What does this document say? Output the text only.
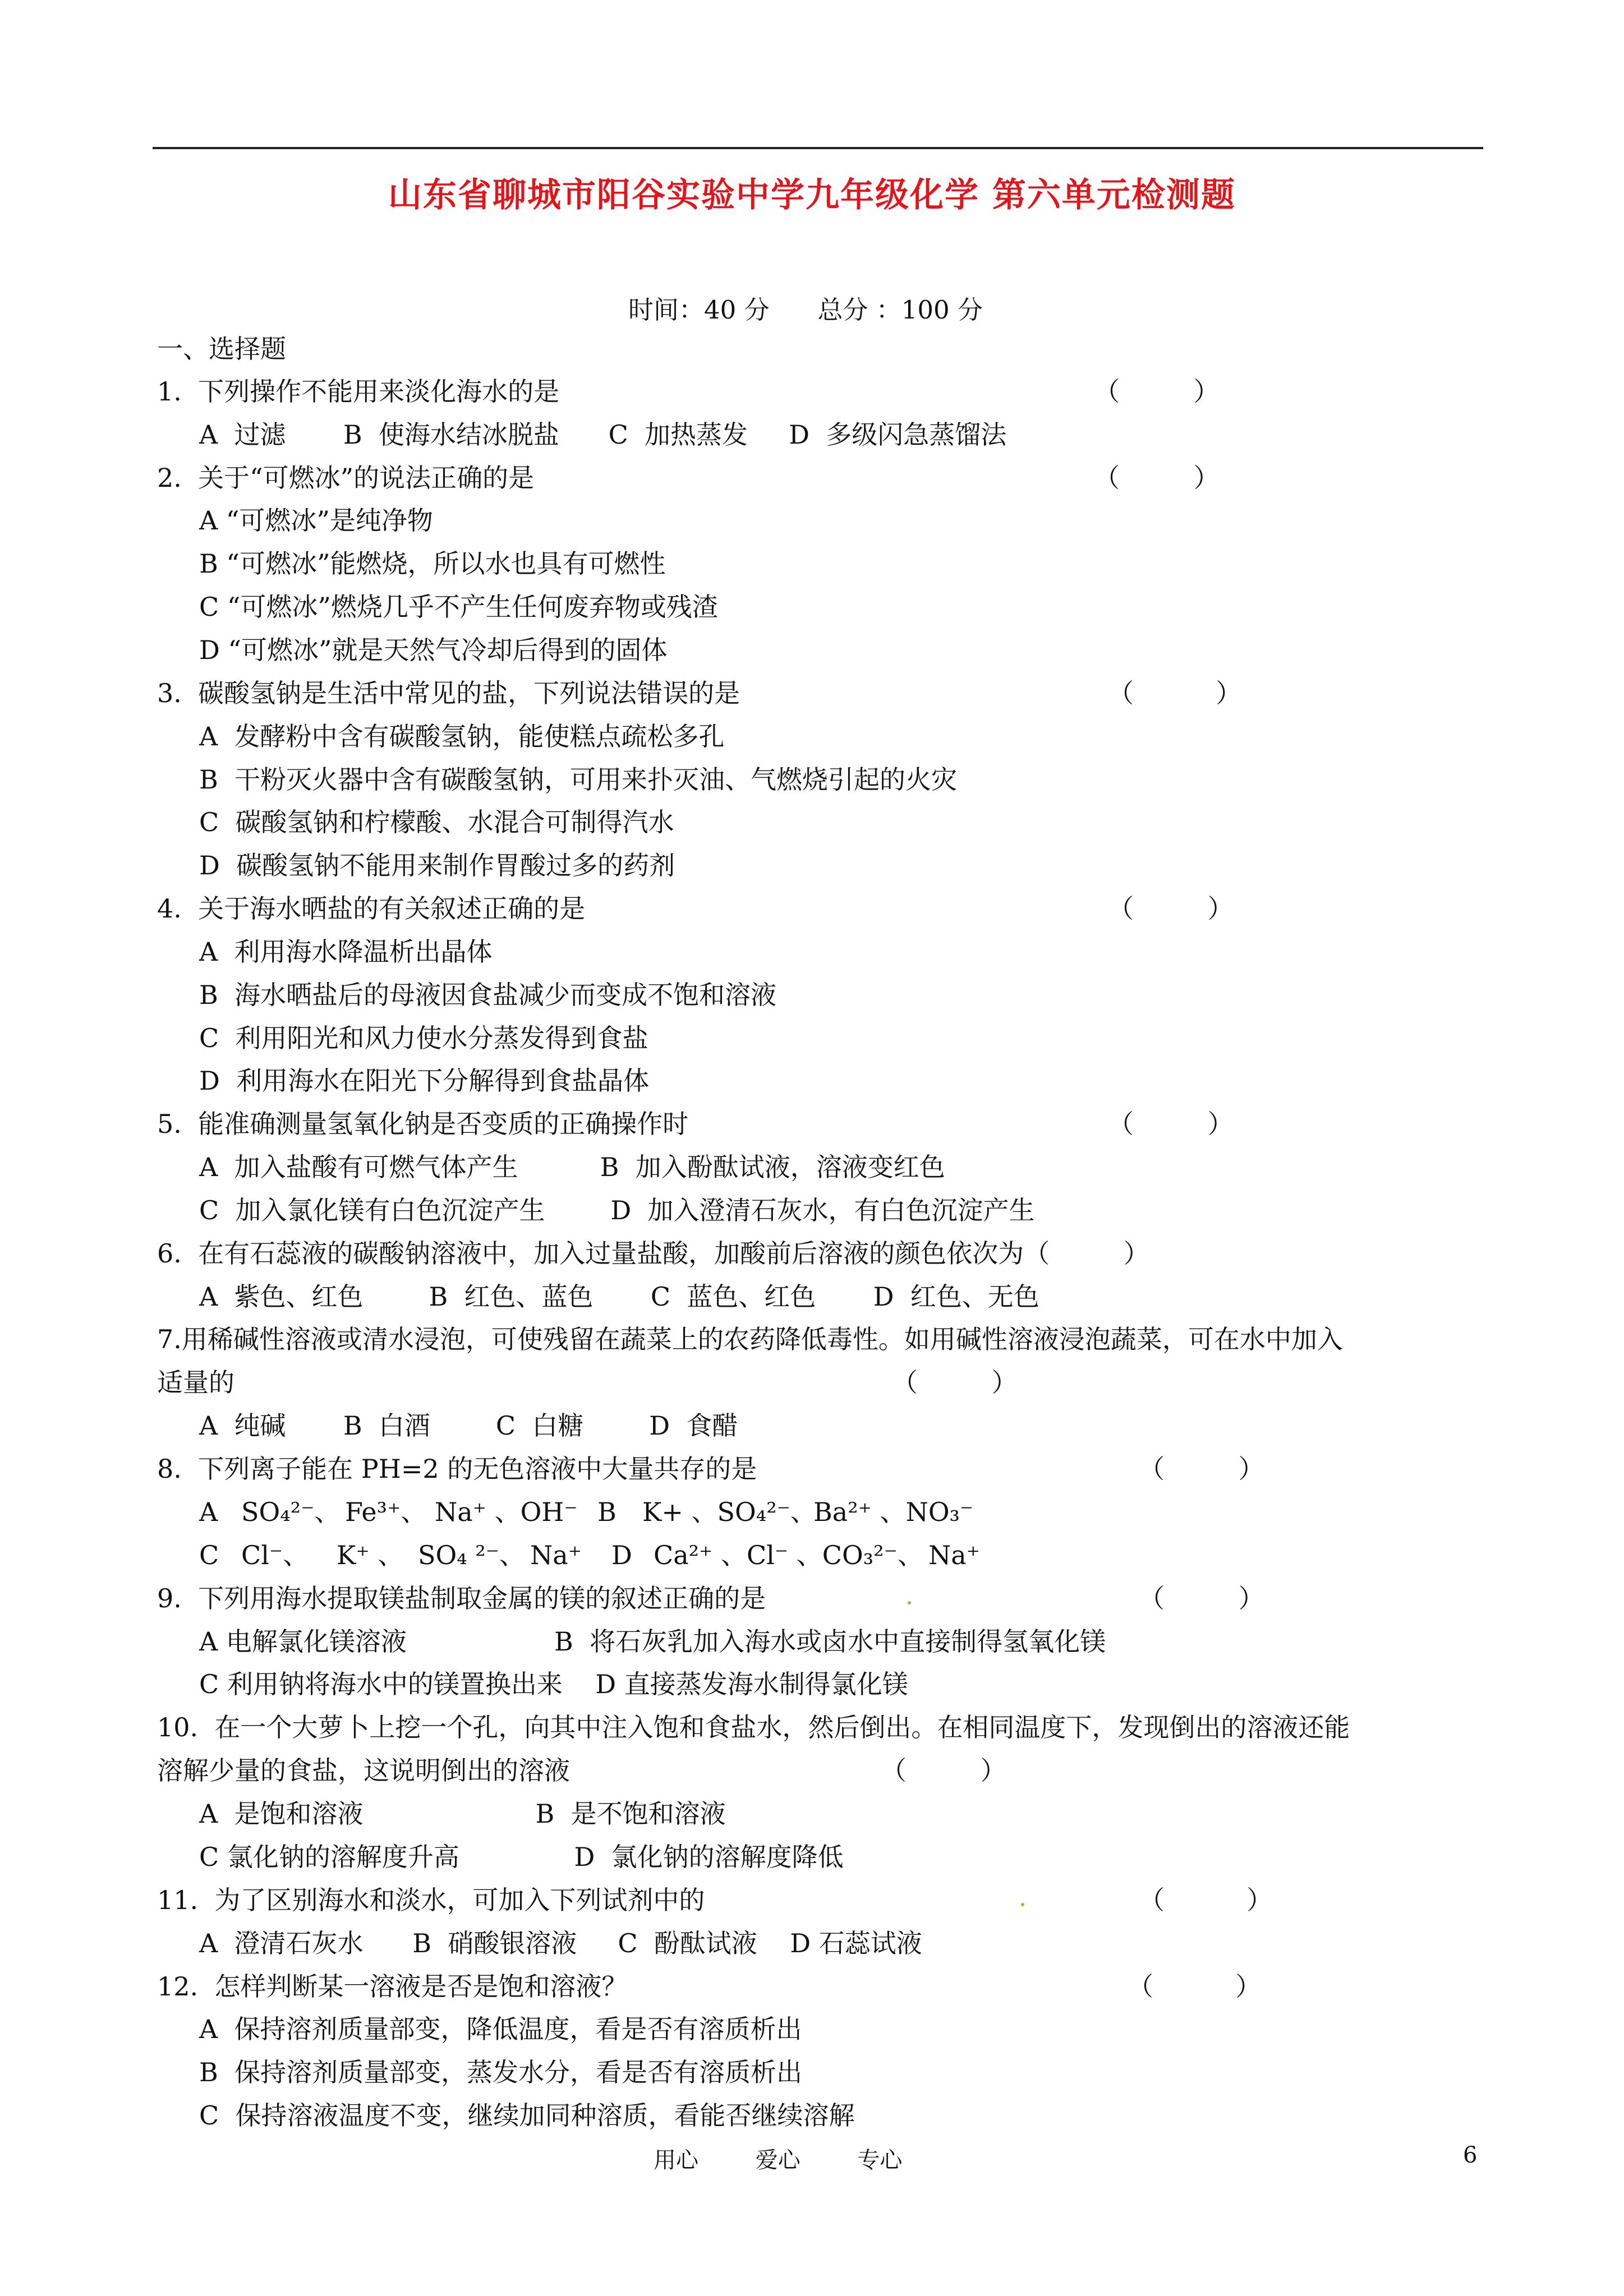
山东省聊城市阳谷实验中学九年级化学 第六单元检测题
时间：40 分      总分 ：100 分
一、选择题
1.  下列操作不能用来淡化海水的是	（         ）
A  过滤       B  使海水结冰脱盐      C  加热蒸发     D  多级闪急蒸馏法
2.  关于“可燃冰”的说法正确的是	（         ）
A “可燃冰”是纯净物
B “可燃冰”能燃烧，所以水也具有可燃性
C “可燃冰”燃烧几乎不产生任何废弃物或残渣
D “可燃冰”就是天然气冷却后得到的固体
3.  碳酸氢钠是生活中常见的盐，下列说法错误的是	（          ）
A  发酵粉中含有碳酸氢钠，能使糕点疏松多孔
B  干粉灭火器中含有碳酸氢钠，可用来扑灭油、气燃烧引起的火灾
C  碳酸氢钠和柠檬酸、水混合可制得汽水
D  碳酸氢钠不能用来制作胃酸过多的药剂
4.  关于海水晒盐的有关叙述正确的是	（         ）
A  利用海水降温析出晶体
B  海水晒盐后的母液因食盐减少而变成不饱和溶液
C  利用阳光和风力使水分蒸发得到食盐
D  利用海水在阳光下分解得到食盐晶体
5.  能准确测量氢氧化钠是否变质的正确操作时	（         ）
A  加入盐酸有可燃气体产生          B  加入酚酞试液，溶液变红色
C  加入氯化镁有白色沉淀产生        D  加入澄清石灰水，有白色沉淀产生
6.  在有石蕊液的碳酸钠溶液中，加入过量盐酸，加酸前后溶液的颜色依次为（         ）
A  紫色、红色        B  红色、蓝色       C  蓝色、红色       D  红色、无色
7.用稀碱性溶液或清水浸泡，可使残留在蔬菜上的农药降低毒性。如用碱性溶液浸泡蔬菜，可在水中加入
适量的	（         ）
A  纯碱       B  白酒        C  白糖        D  食醋
8.  下列离子能在 PH=2 的无色溶液中大量共存的是	（         ）
A SO₄²⁻、 Fe³⁺、 Na⁺ 、OH⁻ B K+ 、SO₄²⁻、
Ba²⁺ 、NO₃⁻
C Cl⁻、 K⁺ 、 SO₄ ²⁻、 Na⁺ D Ca²⁺ 、Cl⁻ 、CO₃²⁻、 Na⁺
9.  下列用海水提取镁盐制取金属的镁的叙述正确的是	（         ）
A 电解氯化镁溶液                  B  将石灰乳加入海水或卤水中直接制得氢氧化镁
C 利用钠将海水中的镁置换出来    D 直接蒸发海水制得氯化镁
10.  在一个大萝卜上挖一个孔，向其中注入饱和食盐水，然后倒出。在相同温度下，发现倒出的溶液还能
溶解少量的食盐，这说明倒出的溶液	（         ）
A  是饱和溶液                     B  是不饱和溶液
C 氯化钠的溶解度升高              D  氯化钠的溶解度降低
11.  为了区别海水和淡水，可加入下列试剂中的	（          ）
A  澄清石灰水      B  硝酸银溶液     C  酚酞试液    D 石蕊试液
12.  怎样判断某一溶液是否是饱和溶液？	（          ）
A  保持溶剂质量部变，降低温度，看是否有溶质析出
B  保持溶剂质量部变，蒸发水分，看是否有溶质析出
C  保持溶液温度不变，继续加同种溶质，看能否继续溶解
用心        爱心        专心	6
